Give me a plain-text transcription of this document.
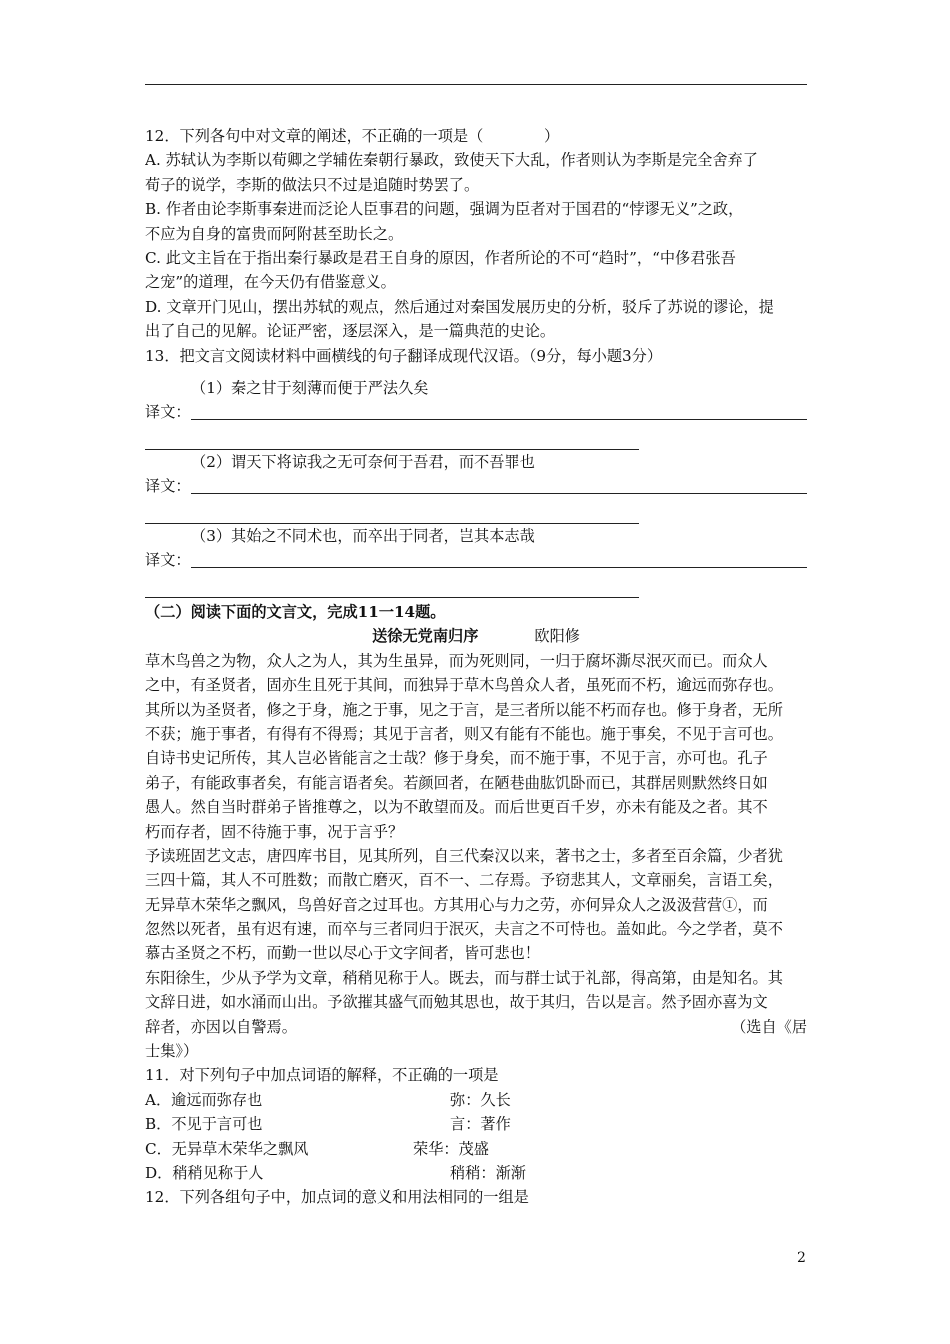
12．下列各句中对文章的阐述，不正确的一项是（　　　　）
A. 苏轼认为李斯以荀卿之学辅佐秦朝行暴政，致使天下大乱，作者则认为李斯是完全舍弃了
荀子的说学，李斯的做法只不过是追随时势罢了。
B. 作者由论李斯事秦进而泛论人臣事君的问题，强调为臣者对于国君的“悖谬无义”之政，
不应为自身的富贵而阿附甚至助长之。
C. 此文主旨在于指出秦行暴政是君王自身的原因，作者所论的不可“趋时”，“中侈君张吾
之宠”的道理，在今天仍有借鉴意义。
D. 文章开门见山，摆出苏轼的观点，然后通过对秦国发展历史的分析，驳斥了苏说的谬论，提
出了自己的见解。论证严密，逐层深入，是一篇典范的史论。
13．把文言文阅读材料中画横线的句子翻译成现代汉语。（9分，每小题3分）
（1）秦之甘于刻薄而便于严法久矣
译文：
（2）谓天下将谅我之无可奈何于吾君，而不吾罪也
译文：
（3）其始之不同术也，而卒出于同者，岂其本志哉
译文：
（二）阅读下面的文言文，完成11一14题。
送徐无党南归序	欧阳修
草木鸟兽之为物，众人之为人，其为生虽异，而为死则同，一归于腐坏澌尽泯灭而已。而众人
之中，有圣贤者，固亦生且死于其间，而独异于草木鸟兽众人者，虽死而不朽，逾远而弥存也。
其所以为圣贤者，修之于身，施之于事，见之于言，是三者所以能不朽而存也。修于身者，无所
不获；施于事者，有得有不得焉；其见于言者，则又有能有不能也。施于事矣，不见于言可也。
自诗书史记所传，其人岂必皆能言之士哉？修于身矣，而不施于事，不见于言，亦可也。孔子
弟子，有能政事者矣，有能言语者矣。若颜回者，在陋巷曲肱饥卧而已，其群居则默然终日如
愚人。然自当时群弟子皆推尊之，以为不敢望而及。而后世更百千岁，亦未有能及之者。其不
朽而存者，固不待施于事，况于言乎？
予读班固艺文志，唐四库书目，见其所列，自三代秦汉以来，著书之士，多者至百余篇，少者犹
三四十篇，其人不可胜数；而散亡磨灭，百不一、二存焉。予窃悲其人，文章丽矣，言语工矣，
无异草木荣华之飘风，鸟兽好音之过耳也。方其用心与力之劳，亦何异众人之汲汲营营①，而
忽然以死者，虽有迟有速，而卒与三者同归于泯灭，夫言之不可恃也。盖如此。今之学者，莫不
慕古圣贤之不朽，而勤一世以尽心于文字间者，皆可悲也！
东阳徐生，少从予学为文章，稍稍见称于人。既去，而与群士试于礼部，得高第，由是知名。其
文辞日进，如水涌而山出。予欲摧其盛气而勉其思也，故于其归，告以是言。然予固亦喜为文
辞者，亦因以自警焉。	（选自《居
士集》）
11．对下列句子中加点词语的解释，不正确的一项是
A．逾远而弥存也	弥：久长
B．不见于言可也	言：著作
C．无异草木荣华之飘风	荣华：茂盛
D．稍稍见称于人	稍稍：渐渐
12．下列各组句子中，加点词的意义和用法相同的一组是
2
